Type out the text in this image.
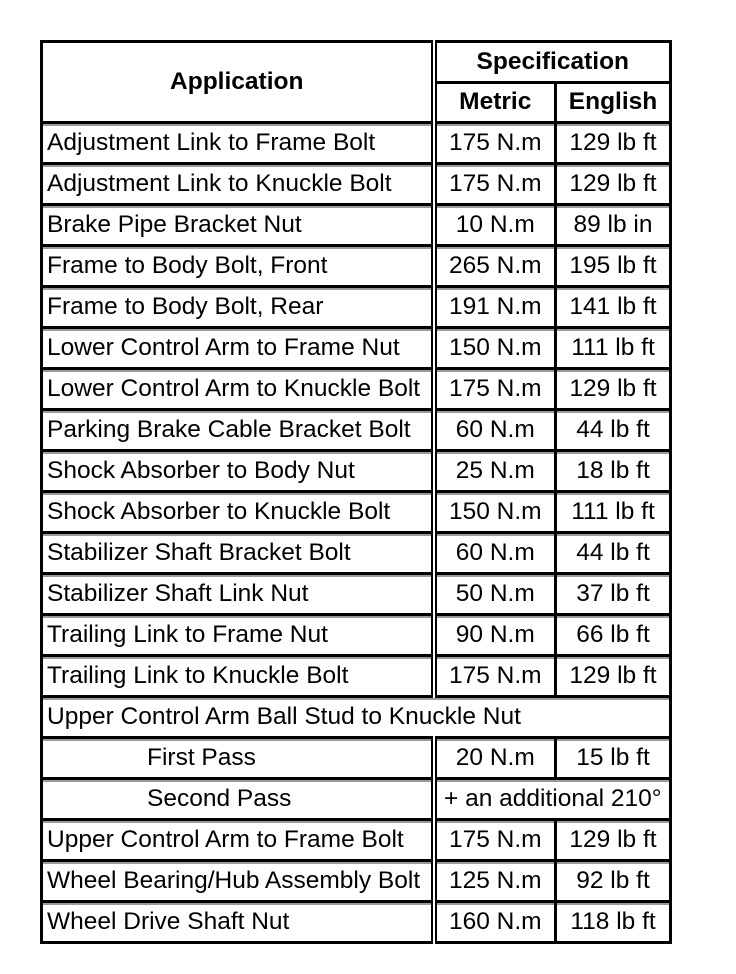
Application	Specification	
	Metric	English
Adjustment Link to Frame Bolt	175 N.m	129 lb ft
Adjustment Link to Knuckle Bolt	175 N.m	129 lb ft
Brake Pipe Bracket Nut	10 N.m	89 lb in
Frame to Body Bolt, Front	265 N.m	195 lb ft
Frame to Body Bolt, Rear	191 N.m	141 lb ft
Lower Control Arm to Frame Nut	150 N.m	111 lb ft
Lower Control Arm to Knuckle Bolt	175 N.m	129 lb ft
Parking Brake Cable Bracket Bolt	60 N.m	44 lb ft
Shock Absorber to Body Nut	25 N.m	18 lb ft
Shock Absorber to Knuckle Bolt	150 N.m	111 lb ft
Stabilizer Shaft Bracket Bolt	60 N.m	44 lb ft
Stabilizer Shaft Link Nut	50 N.m	37 lb ft
Trailing Link to Frame Nut	90 N.m	66 lb ft
Trailing Link to Knuckle Bolt	175 N.m	129 lb ft
Upper Control Arm Ball Stud to Knuckle Nut		
First Pass	20 N.m	15 lb ft
Second Pass	+ an additional 210°	
Upper Control Arm to Frame Bolt	175 N.m	129 lb ft
Wheel Bearing/Hub Assembly Bolt	125 N.m	92 lb ft
Wheel Drive Shaft Nut	160 N.m	118 lb ft
